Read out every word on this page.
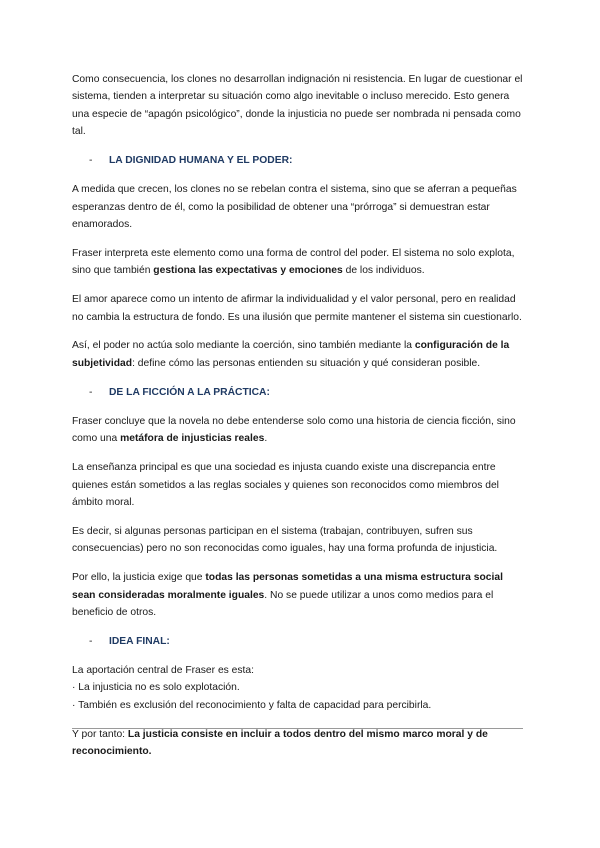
Como consecuencia, los clones no desarrollan indignación ni resistencia. En lugar de cuestionar el sistema, tienden a interpretar su situación como algo inevitable o incluso merecido. Esto genera una especie de “apagón psicológico”, donde la injusticia no puede ser nombrada ni pensada como tal.

-	LA DIGNIDAD HUMANA Y EL PODER:

A medida que crecen, los clones no se rebelan contra el sistema, sino que se aferran a pequeñas esperanzas dentro de él, como la posibilidad de obtener una “prórroga” si demuestran estar enamorados.

Fraser interpreta este elemento como una forma de control del poder. El sistema no solo explota, sino que también gestiona las expectativas y emociones de los individuos.

El amor aparece como un intento de afirmar la individualidad y el valor personal, pero en realidad no cambia la estructura de fondo. Es una ilusión que permite mantener el sistema sin cuestionarlo.

Así, el poder no actúa solo mediante la coerción, sino también mediante la configuración de la subjetividad: define cómo las personas entienden su situación y qué consideran posible.

-	DE LA FICCIÓN A LA PRÁCTICA:

Fraser concluye que la novela no debe entenderse solo como una historia de ciencia ficción, sino como una metáfora de injusticias reales.

La enseñanza principal es que una sociedad es injusta cuando existe una discrepancia entre quienes están sometidos a las reglas sociales y quienes son reconocidos como miembros del ámbito moral.

Es decir, si algunas personas participan en el sistema (trabajan, contribuyen, sufren sus consecuencias) pero no son reconocidas como iguales, hay una forma profunda de injusticia.

Por ello, la justicia exige que todas las personas sometidas a una misma estructura social sean consideradas moralmente iguales. No se puede utilizar a unos como medios para el beneficio de otros.

-	IDEA FINAL:

La aportación central de Fraser es esta:
· La injusticia no es solo explotación.
· También es exclusión del reconocimiento y falta de capacidad para percibirla.

Y por tanto: La justicia consiste en incluir a todos dentro del mismo marco moral y de reconocimiento.
